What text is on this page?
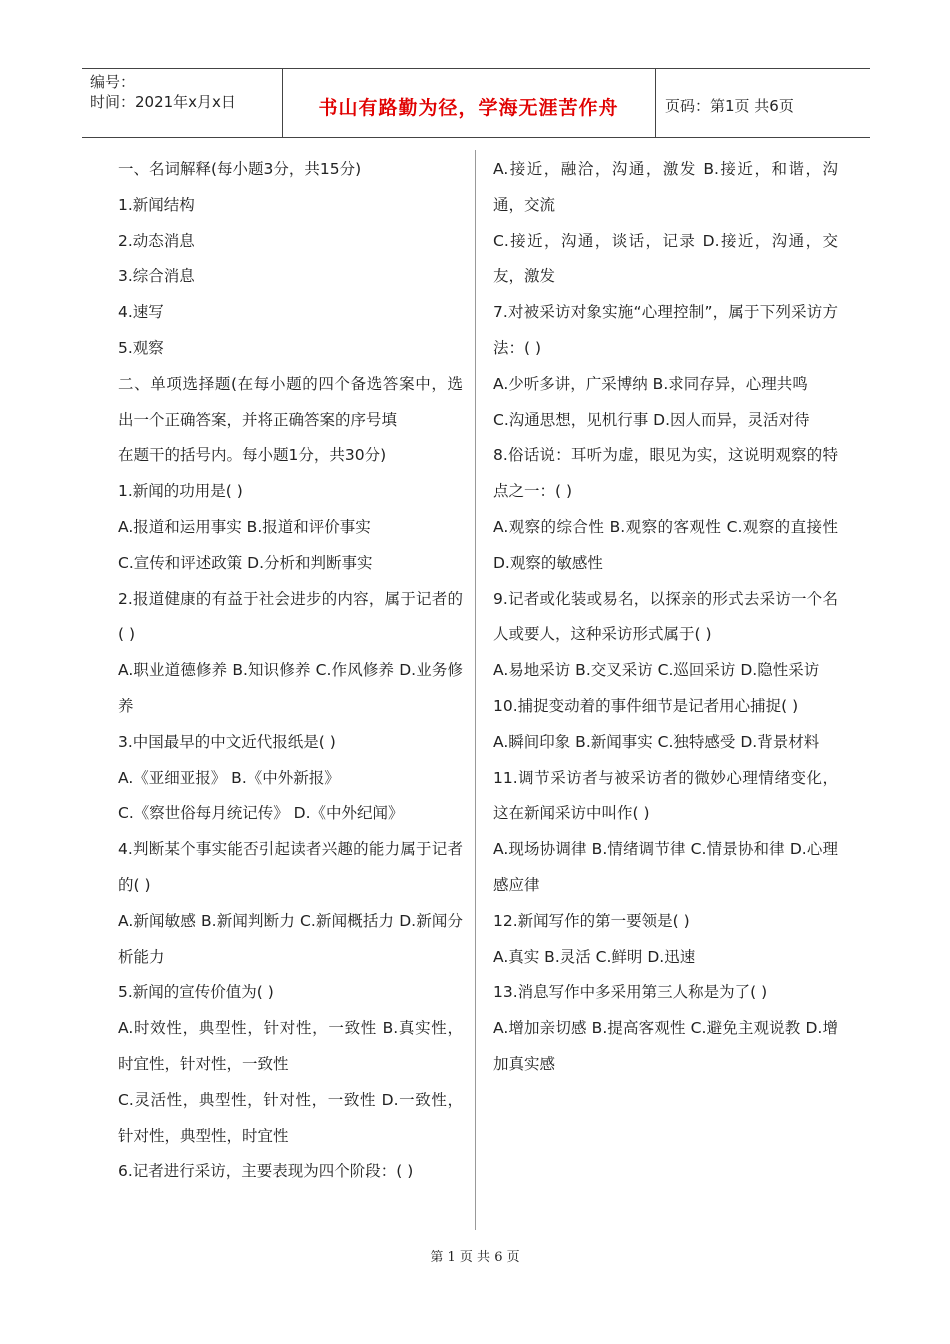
编号：
时间：2021年x月x日	书山有路勤为径，学海无涯苦作舟	页码：第1页 共6页

一、名词解释(每小题3分，共15分)

1.新闻结构

2.动态消息

3.综合消息

4.速写

5.观察

二、单项选择题(在每小题的四个备选答案中，选出一个正确答案，并将正确答案的序号填

在题干的括号内。每小题1分，共30分)

1.新闻的功用是( )

A.报道和运用事实 B.报道和评价事实

C.宣传和评述政策 D.分析和判断事实

2.报道健康的有益于社会进步的内容，属于记者的( )

A.职业道德修养 B.知识修养 C.作风修养 D.业务修养

3.中国最早的中文近代报纸是( )

A.《亚细亚报》 B.《中外新报》

C.《察世俗每月统记传》 D.《中外纪闻》

4.判断某个事实能否引起读者兴趣的能力属于记者的( )

A.新闻敏感 B.新闻判断力 C.新闻概括力 D.新闻分析能力

5.新闻的宣传价值为( )

A.时效性，典型性，针对性，一致性 B.真实性，时宜性，针对性，一致性

C.灵活性，典型性，针对性，一致性 D.一致性，针对性，典型性，时宜性

6.记者进行采访，主要表现为四个阶段：( )

A.接近，融洽，沟通，激发 B.接近，和谐，沟通，交流

C.接近，沟通，谈话，记录 D.接近，沟通，交友，激发

7.对被采访对象实施“心理控制”，属于下列采访方法：( )

A.少听多讲，广采博纳 B.求同存异，心理共鸣

C.沟通思想，见机行事 D.因人而异，灵活对待

8.俗话说：耳听为虚，眼见为实，这说明观察的特点之一：( )

A.观察的综合性 B.观察的客观性 C.观察的直接性 D.观察的敏感性

9.记者或化装或易名，以探亲的形式去采访一个名人或要人，这种采访形式属于( )

A.易地采访 B.交叉采访 C.巡回采访 D.隐性采访

10.捕捉变动着的事件细节是记者用心捕捉( )

A.瞬间印象 B.新闻事实 C.独特感受 D.背景材料

11.调节采访者与被采访者的微妙心理情绪变化，这在新闻采访中叫作( )

A.现场协调律 B.情绪调节律 C.情景协和律 D.心理感应律

12.新闻写作的第一要领是( )

A.真实 B.灵活 C.鲜明 D.迅速

13.消息写作中多采用第三人称是为了( )

A.增加亲切感 B.提高客观性 C.避免主观说教 D.增加真实感

第 1 页 共 6 页
